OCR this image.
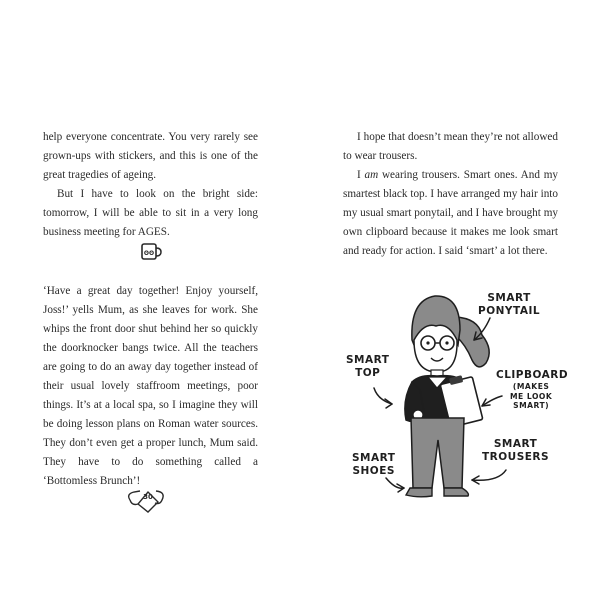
help everyone concentrate. You very rarely see grown-ups with stickers, and this is one of the great tragedies of ageing.

But I have to look on the bright side: tomorrow, I will be able to sit in a very long business meeting for AGES.

ʘʘ

‘Have a great day together! Enjoy yourself, Joss!’ yells Mum, as she leaves for work. She whips the front door shut behind her so quickly the doorknocker bangs twice. All the teachers are going to do an away day together instead of their usual lovely staffroom meetings, poor things. It’s at a local spa, so I imagine they will be doing lesson plans on Roman water sources. They don’t even get a proper lunch, Mum said. They have to do something called a ‘Bottomless Brunch’!

30

I hope that doesn’t mean they’re not allowed to wear trousers.

I am wearing trousers. Smart ones. And my smartest black top. I have arranged my hair into my usual smart ponytail, and I have brought my own clipboard because it makes me look smart and ready for action. I said ‘smart’ a lot there.

SMART
PONYTAIL
SMART
TOP	CLIPBOARD
(MAKES
ME LOOK
SMART)
SMART
SHOES
SMART
TROUSERS
